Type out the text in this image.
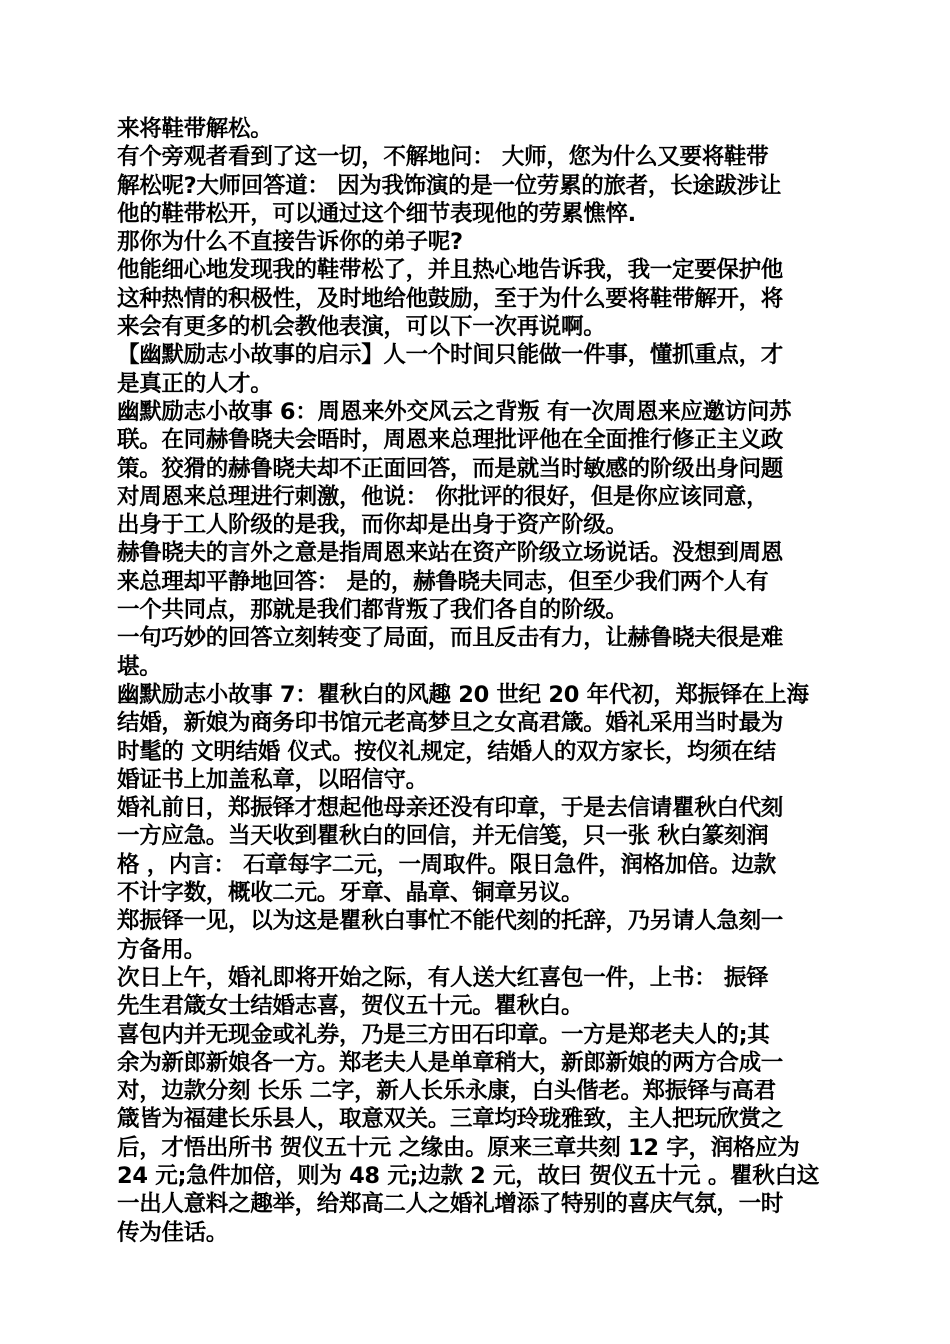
来将鞋带解松。
有个旁观者看到了这一切，不解地问： 大师，您为什么又要将鞋带
解松呢?大师回答道： 因为我饰演的是一位劳累的旅者，长途跋涉让
他的鞋带松开，可以通过这个细节表现他的劳累憔悴.
那你为什么不直接告诉你的弟子呢?
他能细心地发现我的鞋带松了，并且热心地告诉我，我一定要保护他
这种热情的积极性，及时地给他鼓励，至于为什么要将鞋带解开，将
来会有更多的机会教他表演，可以下一次再说啊。
【幽默励志小故事的启示】人一个时间只能做一件事，懂抓重点，才
是真正的人才。
幽默励志小故事 6：周恩来外交风云之背叛 有一次周恩来应邀访问苏
联。在同赫鲁晓夫会晤时，周恩来总理批评他在全面推行修正主义政
策。狡猾的赫鲁晓夫却不正面回答，而是就当时敏感的阶级出身问题
对周恩来总理进行刺激，他说： 你批评的很好，但是你应该同意，
出身于工人阶级的是我，而你却是出身于资产阶级。
赫鲁晓夫的言外之意是指周恩来站在资产阶级立场说话。没想到周恩
来总理却平静地回答： 是的，赫鲁晓夫同志，但至少我们两个人有
一个共同点，那就是我们都背叛了我们各自的阶级。
一句巧妙的回答立刻转变了局面，而且反击有力，让赫鲁晓夫很是难
堪。
幽默励志小故事 7：瞿秋白的风趣 20 世纪 20 年代初，郑振铎在上海
结婚，新娘为商务印书馆元老高梦旦之女高君箴。婚礼采用当时最为
时髦的 文明结婚 仪式。按仪礼规定，结婚人的双方家长，均须在结
婚证书上加盖私章，以昭信守。
婚礼前日，郑振铎才想起他母亲还没有印章，于是去信请瞿秋白代刻
一方应急。当天收到瞿秋白的回信，并无信笺，只一张 秋白篆刻润
格 ，内言： 石章每字二元，一周取件。限日急件，润格加倍。边款
不计字数，概收二元。牙章、晶章、铜章另议。
郑振铎一见，以为这是瞿秋白事忙不能代刻的托辞，乃另请人急刻一
方备用。
次日上午，婚礼即将开始之际，有人送大红喜包一件，上书： 振铎
先生君箴女士结婚志喜，贺仪五十元。瞿秋白。
喜包内并无现金或礼券，乃是三方田石印章。一方是郑老夫人的;其
余为新郎新娘各一方。郑老夫人是单章稍大，新郎新娘的两方合成一
对，边款分刻 长乐 二字，新人长乐永康，白头偕老。郑振铎与高君
箴皆为福建长乐县人，取意双关。三章均玲珑雅致，主人把玩欣赏之
后，才悟出所书 贺仪五十元 之缘由。原来三章共刻 12 字，润格应为
24 元;急件加倍，则为 48 元;边款 2 元，故曰 贺仪五十元 。瞿秋白这
一出人意料之趣举，给郑高二人之婚礼增添了特别的喜庆气氛，一时
传为佳话。
